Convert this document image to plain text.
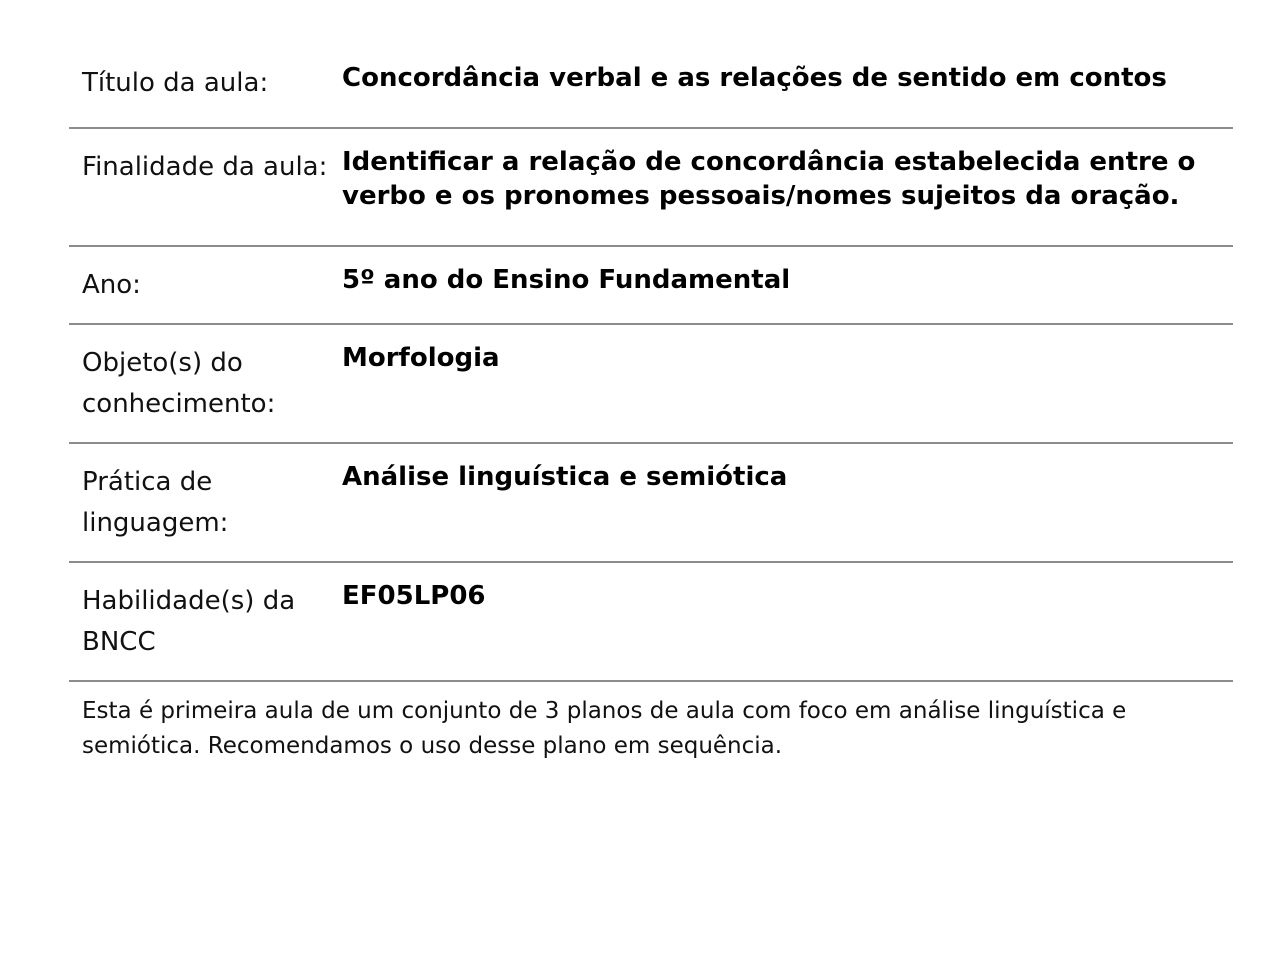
Título da aula:	Concordância verbal e as relações de sentido em contos
Finalidade da aula: Identificar a relação de concordância estabelecida entre o verbo e os pronomes pessoais/nomes sujeitos da oração.
Ano:	5º ano do Ensino Fundamental
Objeto(s) do conhecimento:
Morfologia
Prática de linguagem:
Análise linguística e semiótica
Habilidade(s) da BNCC
EF05LP06
Esta é primeira aula de um conjunto de 3 planos de aula com foco em análise linguística e semiótica. Recomendamos o uso desse plano em sequência.
